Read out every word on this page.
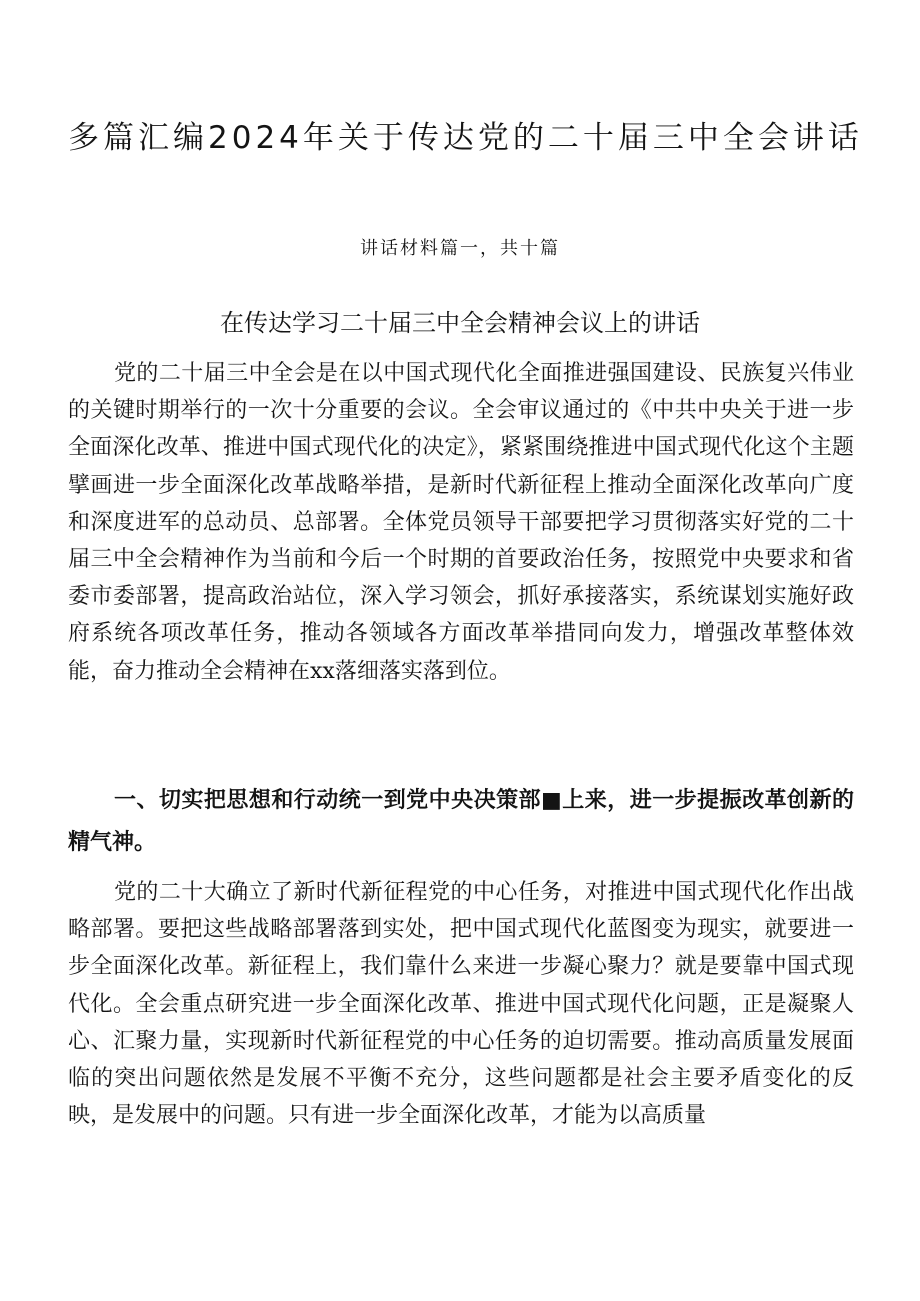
多篇汇编2024年关于传达党的二十届三中全会讲话
讲话材料篇一，共十篇
在传达学习二十届三中全会精神会议上的讲话

党的二十届三中全会是在以中国式现代化全面推进强国建设、民族复兴伟业的关键时期举行的一次十分重要的会议。全会审议通过的《中共中央关于进一步全面深化改革、推进中国式现代化的决定》，紧紧围绕推进中国式现代化这个主题擘画进一步全面深化改革战略举措，是新时代新征程上推动全面深化改革向广度和深度进军的总动员、总部署。全体党员领导干部要把学习贯彻落实好党的二十届三中全会精神作为当前和今后一个时期的首要政治任务，按照党中央要求和省委市委部署，提高政治站位，深入学习领会，抓好承接落实，系统谋划实施好政府系统各项改革任务，推动各领域各方面改革举措同向发力，增强改革整体效能，奋力推动全会精神在xx落细落实落到位。

一、切实把思想和行动统一到党中央决策部■上来，进一步提振改革创新的精气神。

党的二十大确立了新时代新征程党的中心任务，对推进中国式现代化作出战略部署。要把这些战略部署落到实处，把中国式现代化蓝图变为现实，就要进一步全面深化改革。新征程上，我们靠什么来进一步凝心聚力？就是要靠中国式现代化。全会重点研究进一步全面深化改革、推进中国式现代化问题，正是凝聚人心、汇聚力量，实现新时代新征程党的中心任务的迫切需要。推动高质量发展面临的突出问题依然是发展不平衡不充分，这些问题都是社会主要矛盾变化的反映，是发展中的问题。只有进一步全面深化改革，才能为以高质量
